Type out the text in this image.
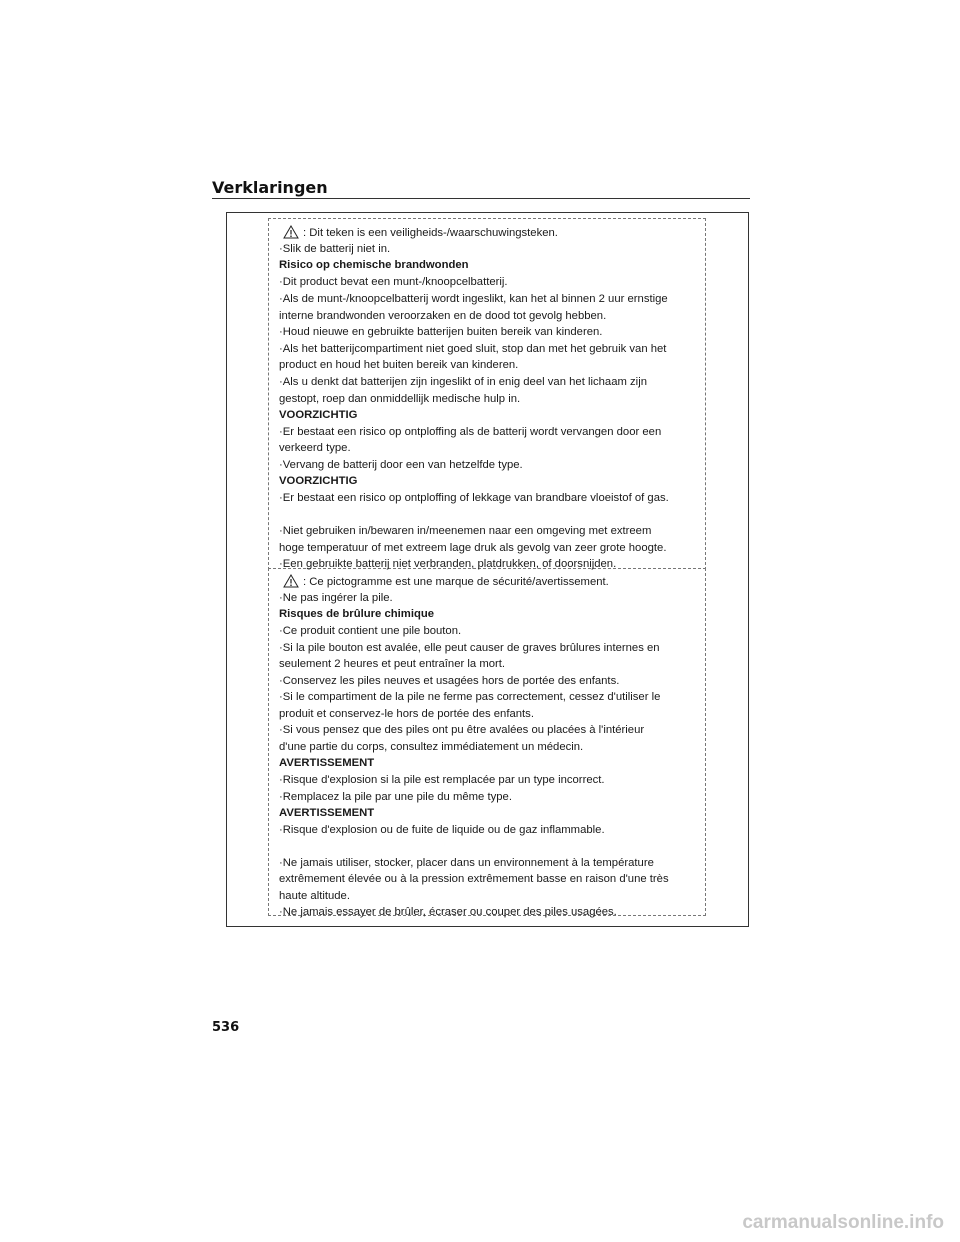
Verklaringen
: Dit teken is een veiligheids-/waarschuwingsteken.
·Slik de batterij niet in.
Risico op chemische brandwonden
·Dit product bevat een munt-/knoopcelbatterij.
·Als de munt-/knoopcelbatterij wordt ingeslikt, kan het al binnen 2 uur ernstige
interne brandwonden veroorzaken en de dood tot gevolg hebben.
·Houd nieuwe en gebruikte batterijen buiten bereik van kinderen.
·Als het batterijcompartiment niet goed sluit, stop dan met het gebruik van het
product en houd het buiten bereik van kinderen.
·Als u denkt dat batterijen zijn ingeslikt of in enig deel van het lichaam zijn
gestopt, roep dan onmiddellijk medische hulp in.
VOORZICHTIG
·Er bestaat een risico op ontploffing als de batterij wordt vervangen door een
verkeerd type.
·Vervang de batterij door een van hetzelfde type.
VOORZICHTIG
·Er bestaat een risico op ontploffing of lekkage van brandbare vloeistof of gas.
·Niet gebruiken in/bewaren in/meenemen naar een omgeving met extreem
hoge temperatuur of met extreem lage druk als gevolg van zeer grote hoogte.
·Een gebruikte batterij niet verbranden, platdrukken, of doorsnijden.
: Ce pictogramme est une marque de sécurité/avertissement.
·Ne pas ingérer la pile.
Risques de brûlure chimique
·Ce produit contient une pile bouton.
·Si la pile bouton est avalée, elle peut causer de graves brûlures internes en
seulement 2 heures et peut entraîner la mort.
·Conservez les piles neuves et usagées hors de portée des enfants.
·Si le compartiment de la pile ne ferme pas correctement, cessez d'utiliser le
produit et conservez-le hors de portée des enfants.
·Si vous pensez que des piles ont pu être avalées ou placées à l'intérieur
d'une partie du corps, consultez immédiatement un médecin.
AVERTISSEMENT
·Risque d'explosion si la pile est remplacée par un type incorrect.
·Remplacez la pile par une pile du même type.
AVERTISSEMENT
·Risque d'explosion ou de fuite de liquide ou de gaz inflammable.
·Ne jamais utiliser, stocker, placer dans un environnement à la température
extrêmement élevée ou à la pression extrêmement basse en raison d'une très
haute altitude.
·Ne jamais essayer de brûler, écraser ou couper des piles usagées.
536
carmanualsonline.info
